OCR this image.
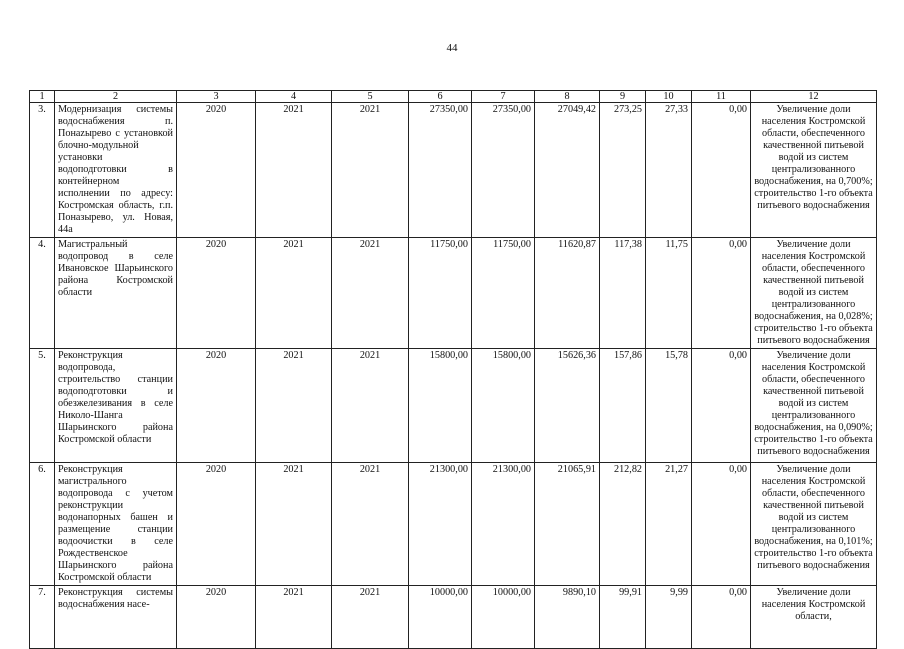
44
1	2	3	4	5	6	7	8	9	10	11	12
3.	Модернизация системы водоснабжения п. Понаzыревo с установкой блочно-модульной установки водоподготовки в контейнерном исполнении по адресу: Костромская область, г.п. Поназырево, ул. Новая, 44а	2020	2021	2021	27350,00	27350,00	27049,42	273,25	27,33	0,00	Увеличение доли населения Костромской области, обеспеченного качественной питьевой водой из систем централизованного водоснабжения, на 0,700%; строительство 1-го объекта питьевого водоснабжения
4.	Магистральный водопровод в селе Ивановское Шарьинского района Костромской области	2020	2021	2021	11750,00	11750,00	11620,87	117,38	11,75	0,00	Увеличение доли населения Костромской области, обеспеченного качественной питьевой водой из систем централизованного водоснабжения, на 0,028%; строительство 1-го объекта питьевого водоснабжения
5.	Реконструкция водопровода, строительство станции водоподготовки и обезжелезивания в селе Николо-Шанга Шарьинского района Костромской области	2020	2021	2021	15800,00	15800,00	15626,36	157,86	15,78	0,00	Увеличение доли населения Костромской области, обеспеченного качественной питьевой водой из систем централизованного водоснабжения, на 0,090%; строительство 1-го объекта питьевого водоснабжения
6.	Реконструкция магистрального водопровода с учетом реконструкции водонапорных башен и размещение станции водоочистки в селе Рождественское Шарьинского района Костромской области	2020	2021	2021	21300,00	21300,00	21065,91	212,82	21,27	0,00	Увеличение доли населения Костромской области, обеспеченного качественной питьевой водой из систем централизованного водоснабжения, на 0,101%; строительство 1-го объекта питьевого водоснабжения
7.	Реконструкция системы водоснабжения насе-	2020	2021	2021	10000,00	10000,00	9890,10	99,91	9,99	0,00	Увеличение доли населения Костромской области,
